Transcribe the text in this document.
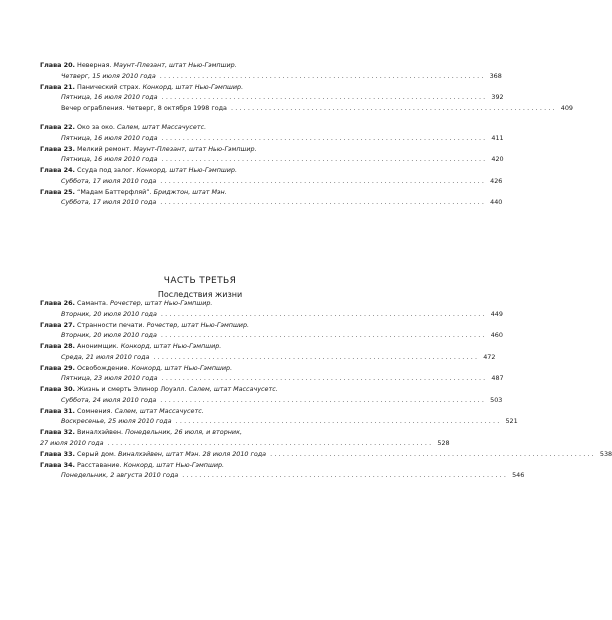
Глава 20. Неверная. Маунт-Плезант, штат Нью-Гэмпшир.
Четверг, 15 июля 2010 года ............................................................................. 368
Глава 21. Панический страх. Конкорд, штат Нью-Гэмпшир.
Пятница, 16 июля 2010 года ............................................................................. 392
Вечер ограбления. Четверг, 8 октября 1998 года ............................................................................. 409
Глава 22. Око за око. Салем, штат Массачусетс.
Пятница, 16 июля 2010 года ............................................................................. 411
Глава 23. Мелкий ремонт. Маунт-Плезант, штат Нью-Гэмпшир.
Пятница, 16 июля 2010 года ............................................................................. 420
Глава 24. Ссуда под залог. Конкорд, штат Нью-Гэмпшир.
Суббота, 17 июля 2010 года ............................................................................. 426
Глава 25. “Мадам Баттерфляй”. Бриджтон, штат Мэн.
Суббота, 17 июля 2010 года ............................................................................. 440
ЧАСТЬ ТРЕТЬЯ
Последствия жизни
Глава 26. Саманта. Рочестер, штат Нью-Гэмпшир.
Вторник, 20 июля 2010 года ............................................................................. 449
Глава 27. Странности печати. Рочестер, штат Нью-Гэмпшир.
Вторник, 20 июля 2010 года ............................................................................. 460
Глава 28. Анонимщик. Конкорд, штат Нью-Гэмпшир.
Среда, 21 июля 2010 года ............................................................................. 472
Глава 29. Освобождение. Конкорд, штат Нью-Гэмпшир.
Пятница, 23 июля 2010 года ............................................................................. 487
Глава 30. Жизнь и смерть Элинор Лоуэлл. Салем, штат Массачусетс.
Суббота, 24 июля 2010 года ............................................................................. 503
Глава 31. Сомнения. Салем, штат Массачусетс.
Воскресенье, 25 июля 2010 года ............................................................................. 521
Глава 32. Виналхэйвен. Понедельник, 26 июля, и вторник,
27 июля 2010 года ............................................................................. 528
Глава 33. Серый дом. Виналхэйвен, штат Мэн. 28 июля 2010 года ............................................................................. 538
Глава 34. Расставание. Конкорд, штат Нью-Гэмпшир.
Понедельник, 2 августа 2010 года ............................................................................. 546
